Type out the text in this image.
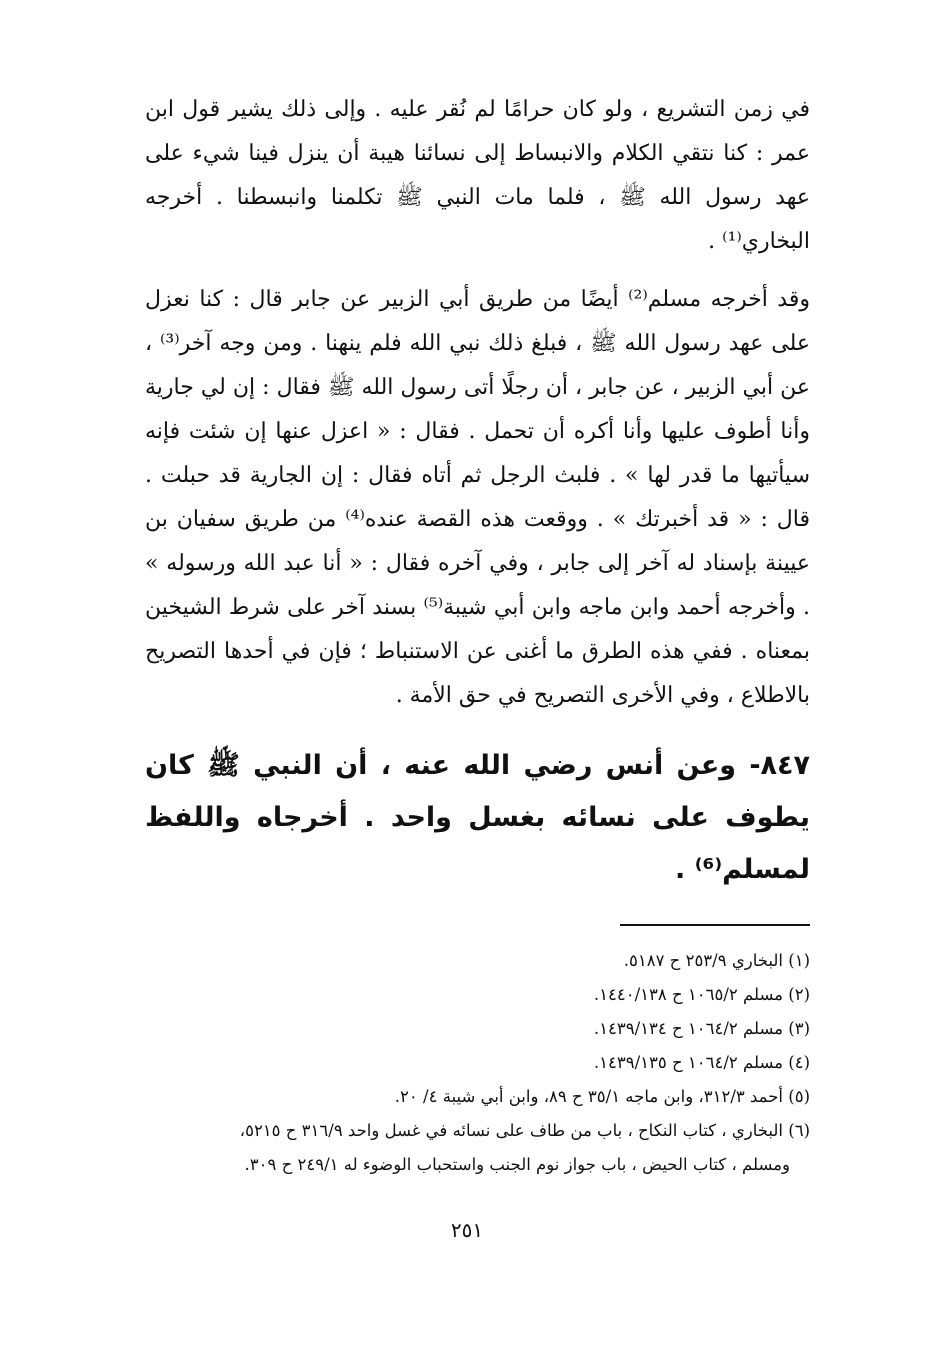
في زمن التشريع ، ولو كان حرامًا لم نُقر عليه . وإلى ذلك يشير قول ابن عمر : كنا نتقي الكلام والانبساط إلى نسائنا هيبة أن ينزل فينا شيء على عهد رسول الله ﷺ ، فلما مات النبي ﷺ تكلمنا وانبسطنا . أخرجه البخاري⁽¹⁾ .

وقد أخرجه مسلم⁽²⁾ أيضًا من طريق أبي الزبير عن جابر قال : كنا نعزل على عهد رسول الله ﷺ ، فبلغ ذلك نبي الله فلم ينهنا . ومن وجه آخر⁽³⁾ ، عن أبي الزبير ، عن جابر ، أن رجلًا أتى رسول الله ﷺ فقال : إن لي جارية وأنا أطوف عليها وأنا أكره أن تحمل . فقال : « اعزل عنها إن شئت فإنه سيأتيها ما قدر لها » . فلبث الرجل ثم أتاه فقال : إن الجارية قد حبلت . قال : « قد أخبرتك » . ووقعت هذه القصة عنده⁽⁴⁾ من طريق سفيان بن عيينة بإسناد له آخر إلى جابر ، وفي آخره فقال : « أنا عبد الله ورسوله » . وأخرجه أحمد وابن ماجه وابن أبي شيبة⁽⁵⁾ بسند آخر على شرط الشيخين بمعناه . ففي هذه الطرق ما أغنى عن الاستنباط ؛ فإن في أحدها التصريح بالاطلاع ، وفي الأخرى التصريح في حق الأمة .

٨٤٧- وعن أنس رضي الله عنه ، أن النبي ﷺ كان يطوف على نسائه بغسل واحد . أخرجاه واللفظ لمسلم⁽⁶⁾ .

(١) البخاري ٢٥٣/٩ ح ٥١٨٧.

(٢) مسلم ١٠٦٥/٢ ح ١٤٤٠/١٣٨.

(٣) مسلم ١٠٦٤/٢ ح ١٤٣٩/١٣٤.

(٤) مسلم ١٠٦٤/٢ ح ١٤٣٩/١٣٥.

(٥) أحمد ٣١٢/٣، وابن ماجه ٣٥/١ ح ٨٩، وابن أبي شيبة ٤/ ٢٠.

(٦) البخاري ، كتاب النكاح ، باب من طاف على نسائه في غسل واحد ٣١٦/٩ ح ٥٢١٥،
ومسلم ، كتاب الحيض ، باب جواز نوم الجنب واستحباب الوضوء له ٢٤٩/١ ح ٣٠٩.

٢٥١
